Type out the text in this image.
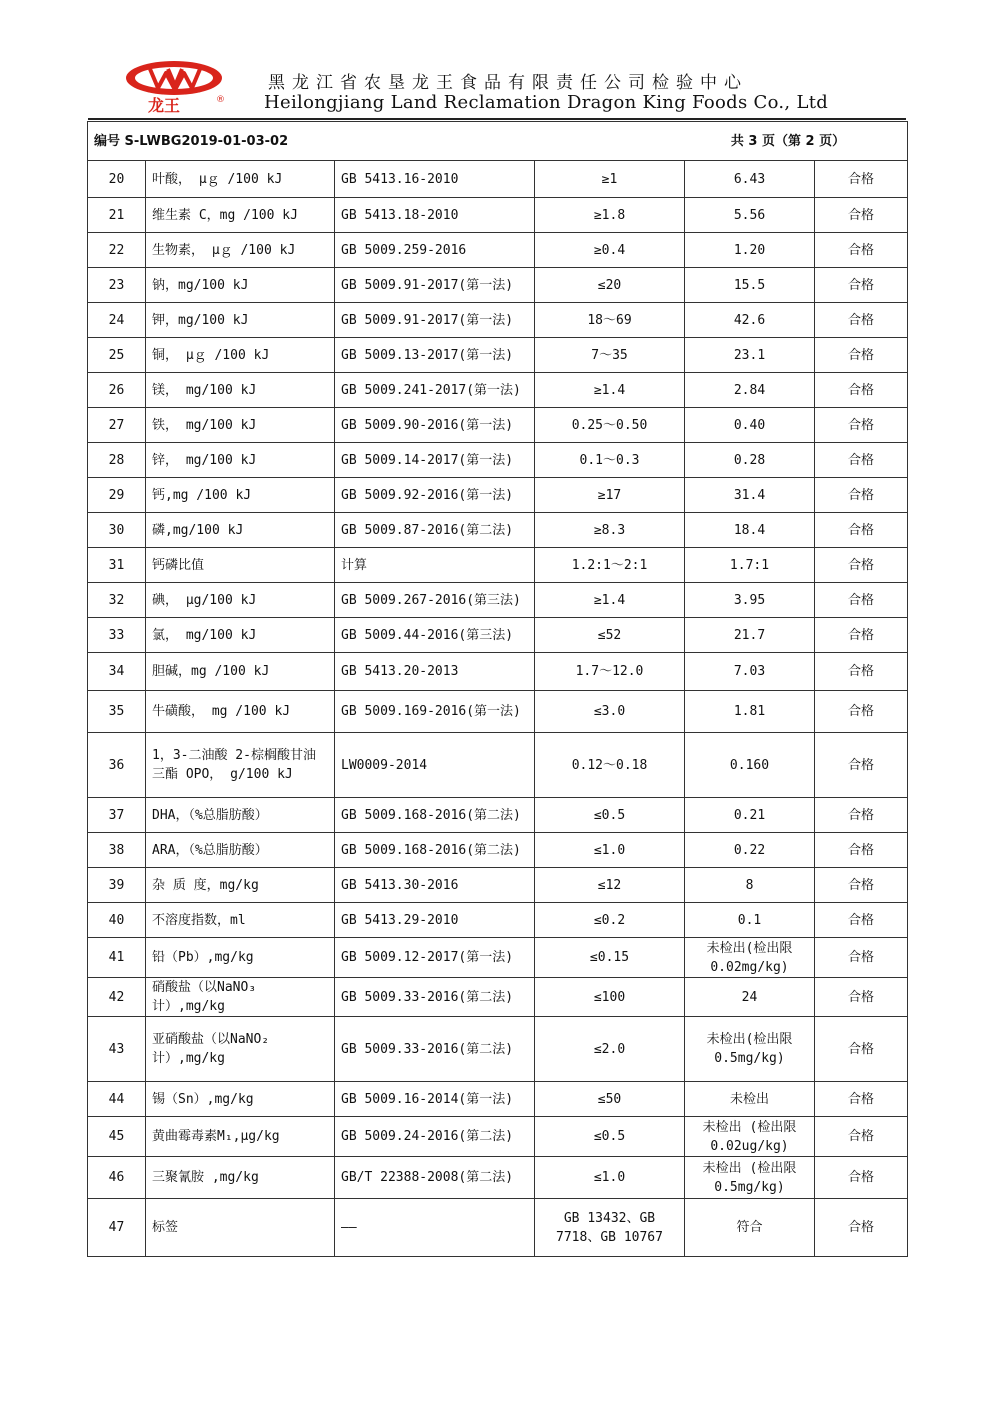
龙王	®
黑龙江省农垦龙王食品有限责任公司检验中心
Heilongjiang Land Reclamation Dragon King Foods Co., Ltd
编号 S-LWBG2019-01-03-02 共 3 页（第 2 页）					

20	叶酸， μｇ /100 kJ	GB 5413.16-2010	≥1	6.43	合格
21	维生素 C，mg /100 kJ	GB 5413.18-2010	≥1.8	5.56	合格
22	生物素， μｇ /100 kJ	GB 5009.259-2016	≥0.4	1.20	合格
23	钠，mg/100 kJ	GB 5009.91-2017(第一法)	≤20	15.5	合格
24	钾，mg/100 kJ	GB 5009.91-2017(第一法)	18～69	42.6	合格
25	铜， μｇ /100 kJ	GB 5009.13-2017(第一法)	7～35	23.1	合格
26	镁， mg/100 kJ	GB 5009.241-2017(第一法)	≥1.4	2.84	合格
27	铁， mg/100 kJ	GB 5009.90-2016(第一法)	0.25～0.50	0.40	合格
28	锌， mg/100 kJ	GB 5009.14-2017(第一法)	0.1～0.3	0.28	合格
29	钙,mg /100 kJ	GB 5009.92-2016(第一法)	≥17	31.4	合格
30	磷,mg/100 kJ	GB 5009.87-2016(第二法)	≥8.3	18.4	合格
31	钙磷比值	计算	1.2:1～2:1	1.7:1	合格
32	碘， μg/100 kJ	GB 5009.267-2016(第三法)	≥1.4	3.95	合格
33	氯， mg/100 kJ	GB 5009.44-2016(第三法)	≤52	21.7	合格
34	胆碱，mg /100 kJ	GB 5413.20-2013	1.7～12.0	7.03	合格
35	牛磺酸， mg /100 kJ	GB 5009.169-2016(第一法)	≤3.0	1.81	合格
36	1，3-二油酸 2-棕榈酸甘油三酯 OPO， g/100 kJ	LW0009-2014	0.12～0.18	0.160	合格
37	DHA，（%总脂肪酸）	GB 5009.168-2016(第二法)	≤0.5	0.21	合格
38	ARA，（%总脂肪酸）	GB 5009.168-2016(第二法)	≤1.0	0.22	合格
39	杂 质 度，mg/kg	GB 5413.30-2016	≤12	8	合格
40	不溶度指数，ml	GB 5413.29-2010	≤0.2	0.1	合格
41	铅（Pb）,mg/kg	GB 5009.12-2017(第一法)	≤0.15	未检出(检出限 0.02mg/kg)	合格
42	硝酸盐（以NaNO₃计）,mg/kg	GB 5009.33-2016(第二法)	≤100	24	合格
43	亚硝酸盐（以NaNO₂ 计）,mg/kg	GB 5009.33-2016(第二法)	≤2.0	未检出(检出限 0.5mg/kg)	合格
44	锡（Sn）,mg/kg	GB 5009.16-2014(第一法)	≤50	未检出	合格
45	黄曲霉毒素M₁,μg/kg	GB 5009.24-2016(第二法)	≤0.5	未检出 (检出限 0.02ug/kg)	合格
46	三聚氰胺 ,mg/kg	GB/T 22388-2008(第二法)	≤1.0	未检出 (检出限 0.5mg/kg)	合格
47	标签	——	GB 13432、GB 7718、GB 10767	符合	合格
